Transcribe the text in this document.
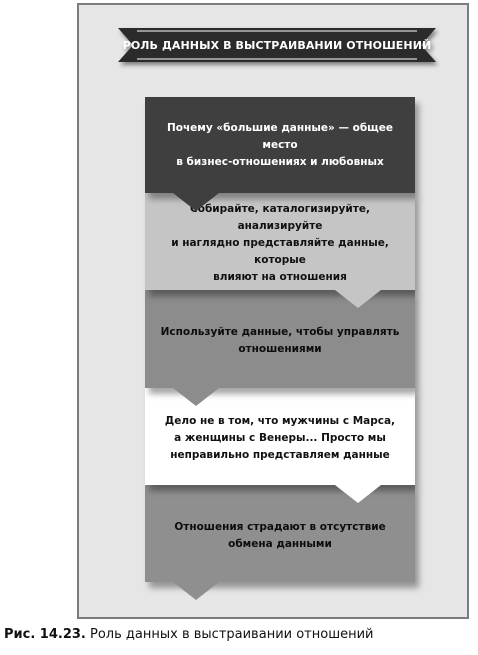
РОЛЬ ДАННЫХ В ВЫСТРАИВАНИИ ОТНОШЕНИЙ
Почему «большие данные» — общее место
в бизнес-отношениях и любовных
Собирайте, каталогизируйте, анализируйте
и наглядно представляйте данные, которые
влияют на отношения
Используйте данные, чтобы управлять
отношениями
Дело не в том, что мужчины с Марса,
а женщины с Венеры... Просто мы
неправильно представляем данные
Отношения страдают в отсутствие
обмена данными
Рис. 14.23. Роль данных в выстраивании отношений
